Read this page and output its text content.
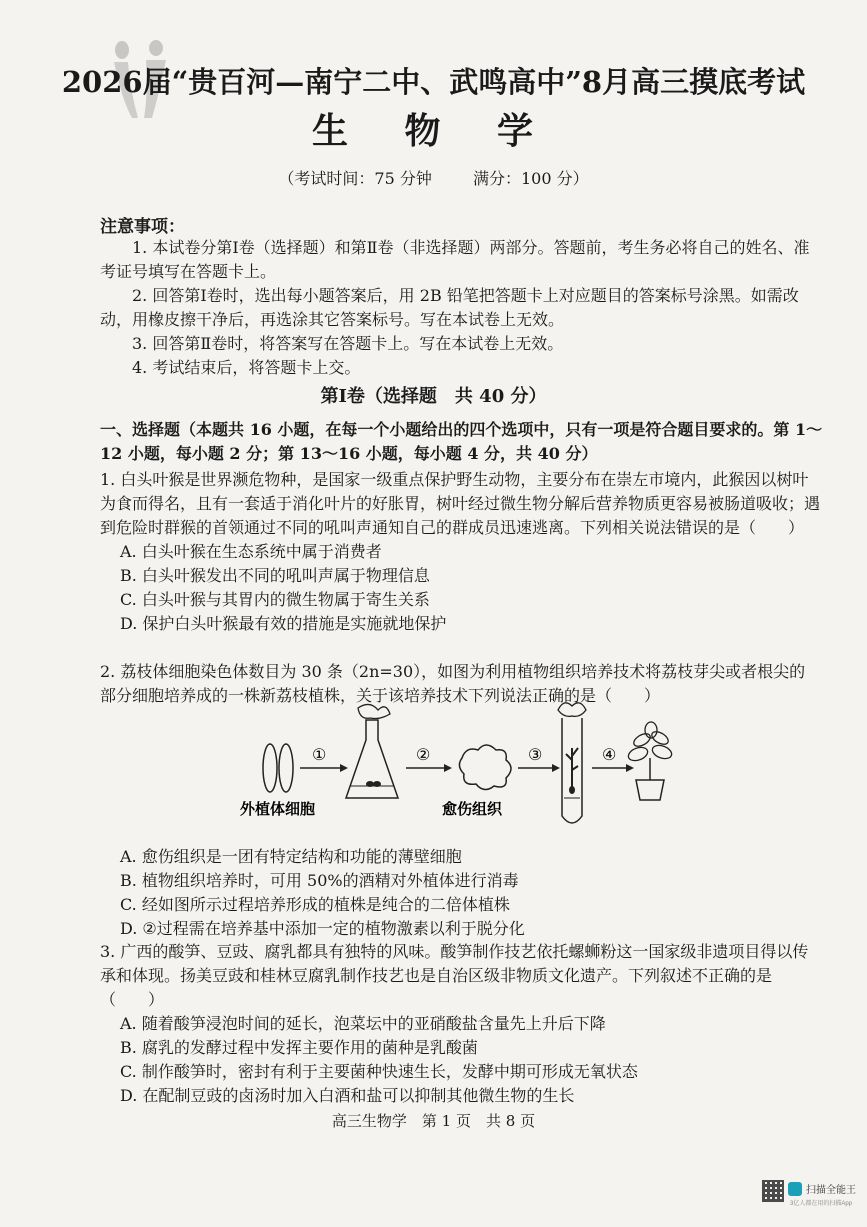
2026届“贵百河—南宁二中、武鸣高中”8月高三摸底考试
生 物 学
（考试时间：75 分钟	满分：100 分）
注意事项：

1. 本试卷分第Ⅰ卷（选择题）和第Ⅱ卷（非选择题）两部分。答题前，考生务必将自己的姓名、准考证号填写在答题卡上。

2. 回答第Ⅰ卷时，选出每小题答案后，用 2B 铅笔把答题卡上对应题目的答案标号涂黑。如需改动，用橡皮擦干净后，再选涂其它答案标号。写在本试卷上无效。

3. 回答第Ⅱ卷时，将答案写在答题卡上。写在本试卷上无效。

4. 考试结束后，将答题卡上交。

第Ⅰ卷（选择题　共 40 分）
一、选择题（本题共 16 小题，在每一个小题给出的四个选项中，只有一项是符合题目要求的。第 1～12 小题，每小题 2 分；第 13～16 小题，每小题 4 分，共 40 分）

1. 白头叶猴是世界濒危物种，是国家一级重点保护野生动物，主要分布在崇左市境内，此猴因以树叶为食而得名，且有一套适于消化叶片的好胀胃，树叶经过微生物分解后营养物质更容易被肠道吸收；遇到危险时群猴的首领通过不同的吼叫声通知自己的群成员迅速逃离。下列相关说法错误的是（　　）

A. 白头叶猴在生态系统中属于消费者
B. 白头叶猴发出不同的吼叫声属于物理信息
C. 白头叶猴与其胃内的微生物属于寄生关系
D. 保护白头叶猴最有效的措施是实施就地保护

2. 荔枝体细胞染色体数目为 30 条（2n=30），如图为利用植物组织培养技术将荔枝芽尖或者根尖的部分细胞培养成的一株新荔枝植株，关于该培养技术下列说法正确的是（　　）

①	②	③	④
外植体细胞	愈伤组织
A. 愈伤组织是一团有特定结构和功能的薄壁细胞
B. 植物组织培养时，可用 50%的酒精对外植体进行消毒
C. 经如图所示过程培养形成的植株是纯合的二倍体植株
D. ②过程需在培养基中添加一定的植物激素以利于脱分化

3. 广西的酸笋、豆豉、腐乳都具有独特的风味。酸笋制作技艺依托螺蛳粉这一国家级非遗项目得以传承和体现。扬美豆豉和桂林豆腐乳制作技艺也是自治区级非物质文化遗产。下列叙述不正确的是（　　）

A. 随着酸笋浸泡时间的延长，泡菜坛中的亚硝酸盐含量先上升后下降
B. 腐乳的发酵过程中发挥主要作用的菌种是乳酸菌
C. 制作酸笋时，密封有利于主要菌种快速生长，发酵中期可形成无氧状态
D. 在配制豆豉的卤汤时加入白酒和盐可以抑制其他微生物的生长
高三生物学　第 1 页　共 8 页
扫描全能王
3亿人都在用的扫描App
